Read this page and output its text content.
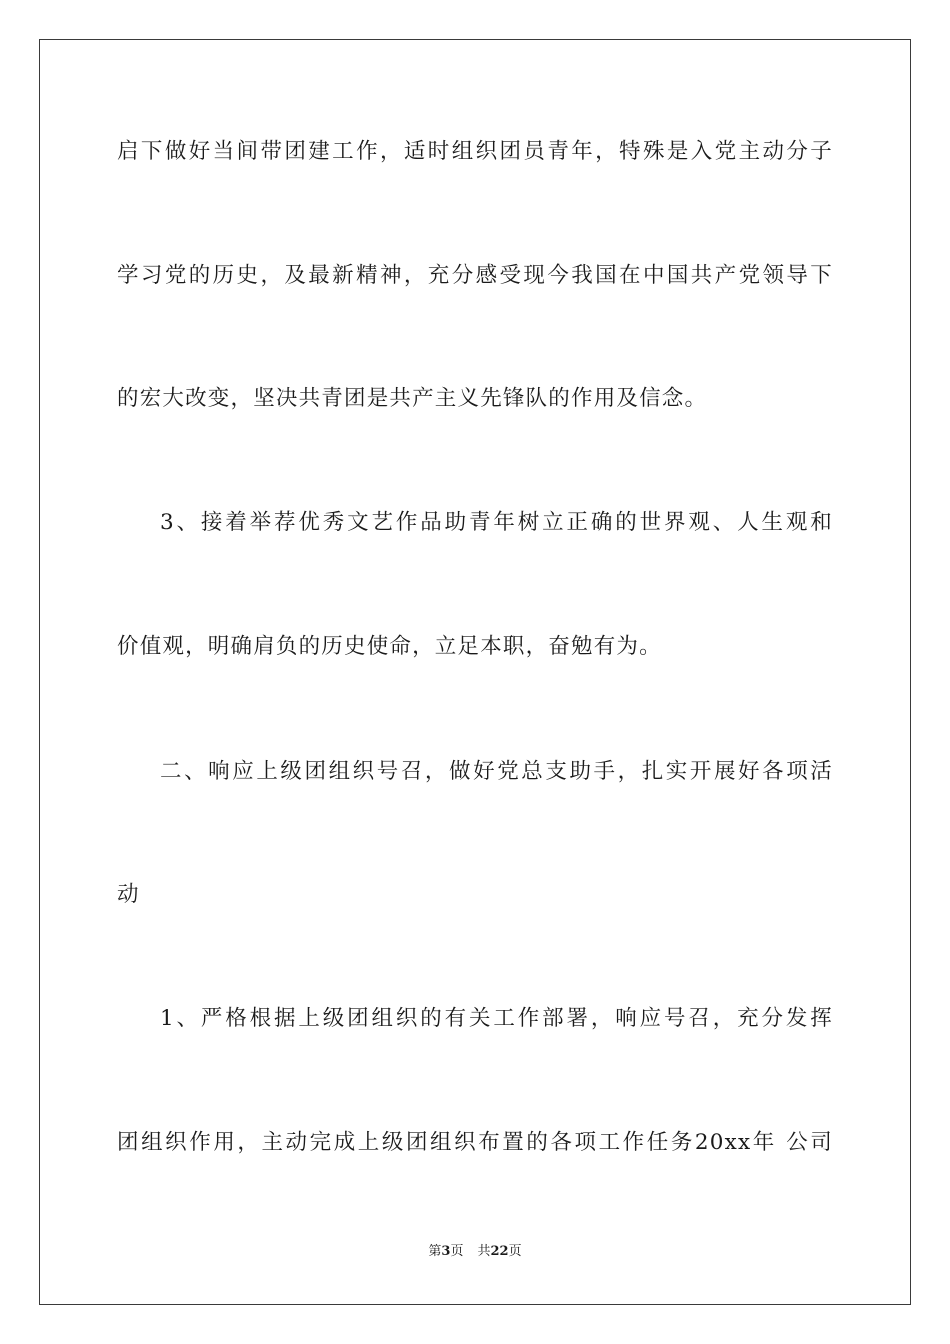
启下做好当间带团建工作，适时组织团员青年，特殊是入党主动分子
学习党的历史，及最新精神，充分感受现今我国在中国共产党领导下
的宏大改变，坚决共青团是共产主义先锋队的作用及信念。
3、接着举荐优秀文艺作品助青年树立正确的世界观、人生观和
价值观，明确肩负的历史使命，立足本职，奋勉有为。
二、响应上级团组织号召，做好党总支助手，扎实开展好各项活
动
1、严格根据上级团组织的有关工作部署，响应号召，充分发挥
团组织作用，主动完成上级团组织布置的各项工作任务20xx年 公司
第3页 共22页
